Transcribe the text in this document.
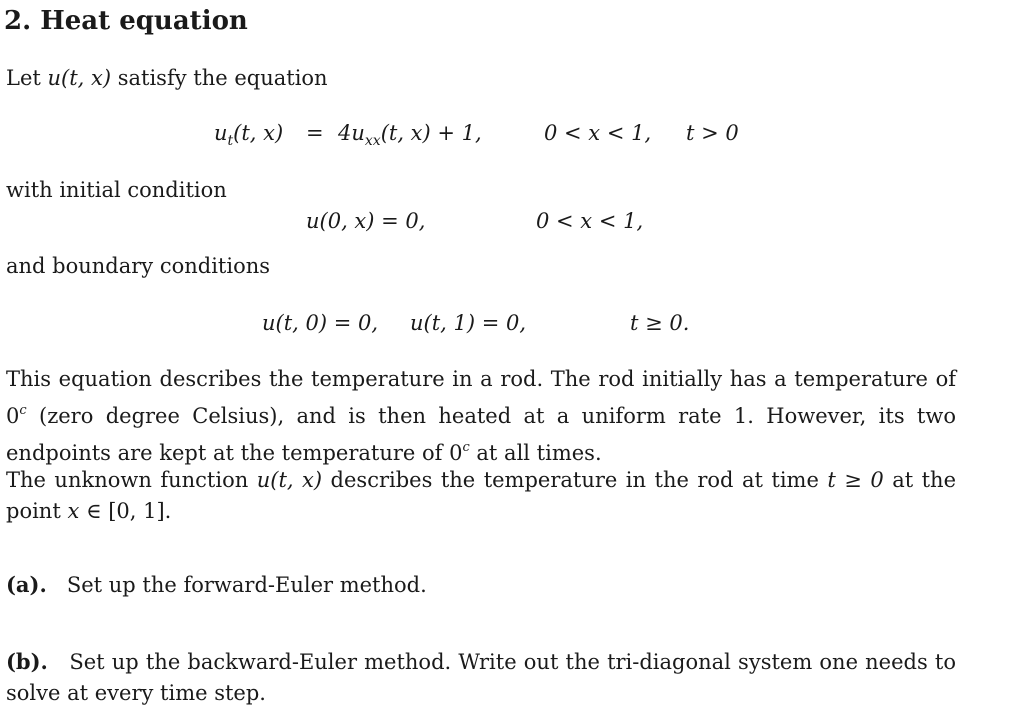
2. Heat equation
Let u(t, x) satisfy the equation
$u_t(t$, $x) = 4u_{xx}(t$, x) + 1,	0 < x < 1, t > 0
with initial condition
u(0, x) = 0,	0 < x < 1,
and boundary conditions
u(t, 0) = 0, u(t, 1) = 0,	t ≥ 0.
This equation describes the temperature in a rod. The rod initially has a temperature of 0$^c$ (zero degree Celsius), and is then heated at a uniform rate 1. However, its two endpoints are kept at the temperature of 0$^c$ at all times.
The unknown function u(t, x) describes the temperature in the rod at time t ≥ 0 at the point x ∈ [0, 1].
(a). Set up the forward-Euler method.
(b). Set up the backward-Euler method. Write out the tri-diagonal system one needs to solve at every time step.
